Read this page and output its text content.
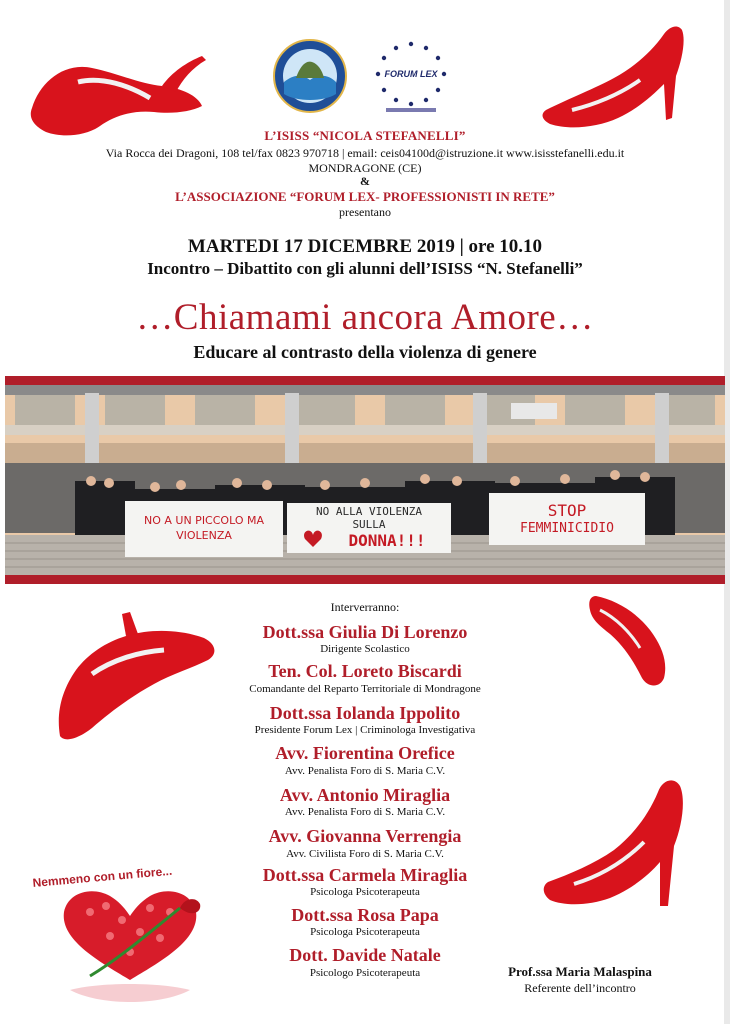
FORUM LEX
L’ISISS “NICOLA STEFANELLI”
Via Rocca dei Dragoni, 108 tel/fax 0823 970718 | email: ceis04100d@istruzione.it www.isisstefanelli.edu.it
MONDRAGONE (CE)
&
L’ASSOCIAZIONE “FORUM LEX- PROFESSIONISTI IN RETE”
presentano
MARTEDI 17 DICEMBRE 2019 | ore 10.10
Incontro – Dibattito con gli alunni dell’ISISS “N. Stefanelli”
…Chiamami ancora Amore…
Educare al contrasto della violenza di genere
NO A UN PICCOLO MA VIOLENZA
NO ALLA VIOLENZA
SULLA
DONNA!!!
STOP
FEMMINICIDIO
Interverranno:
Dott.ssa Giulia Di Lorenzo
Dirigente Scolastico
Ten. Col. Loreto Biscardi
Comandante del Reparto Territoriale di Mondragone
Dott.ssa Iolanda Ippolito
Presidente Forum Lex | Criminologa Investigativa
Avv. Fiorentina Orefice
Avv. Penalista Foro di S. Maria C.V.
Avv. Antonio Miraglia
Avv. Penalista Foro di S. Maria C.V.
Avv. Giovanna Verrengia
Avv. Civilista Foro di S. Maria C.V.
Dott.ssa Carmela Miraglia
Psicologa Psicoterapeuta
Dott.ssa Rosa Papa
Psicologa Psicoterapeuta
Dott. Davide Natale
Psicologo Psicoterapeuta	Prof.ssa Maria Malaspina
Referente dell’incontro
Nemmeno con un fiore...
